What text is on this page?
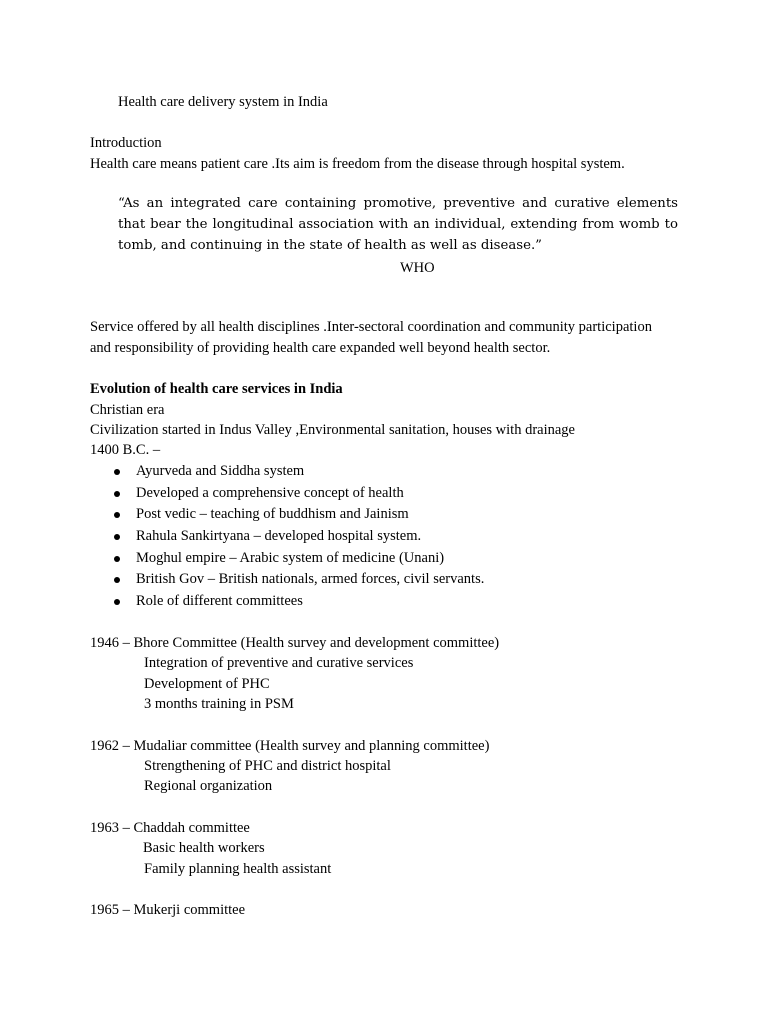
Health care delivery system in India
Introduction
Health care means patient care .Its aim is freedom from the disease through hospital system.
“As an integrated care containing promotive, preventive and curative elements that bear the longitudinal association with an individual, extending from womb to tomb, and continuing in the state of health as well as disease.”
WHO
Service offered by all health disciplines .Inter-sectoral coordination and community participation
and responsibility of providing health care expanded well beyond health sector.
Evolution of health care services in India
Christian era
Civilization started in Indus Valley ,Environmental sanitation, houses with drainage
1400 B.C. –
Ayurveda and Siddha system
Developed a comprehensive concept of health
Post vedic – teaching of buddhism and Jainism
Rahula Sankirtyana – developed hospital system.
Moghul empire – Arabic system of medicine (Unani)
British Gov – British nationals, armed forces, civil servants.
Role of different committees
1946 – Bhore Committee (Health survey and development committee)
Integration of preventive and curative services
Development of PHC
3 months training in PSM
1962 – Mudaliar committee (Health survey and planning committee)
Strengthening of PHC and district hospital
Regional organization
1963 – Chaddah committee
Basic health workers
Family planning health assistant
1965 – Mukerji committee
